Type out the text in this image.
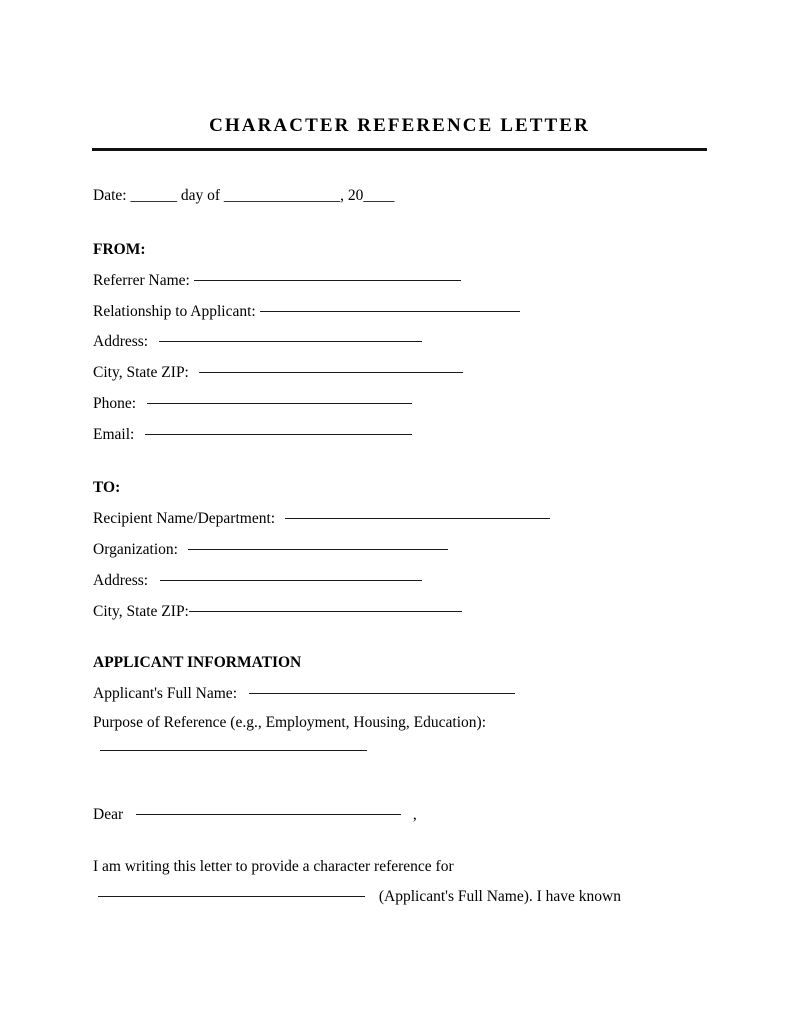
CHARACTER REFERENCE LETTER
Date: ______ day of _______________, 20____
FROM:
Referrer Name:
Relationship to Applicant:
Address:
City, State ZIP:
Phone:
Email:
TO:
Recipient Name/Department:
Organization:
Address:
City, State ZIP:
APPLICANT INFORMATION
Applicant's Full Name:
Purpose of Reference (e.g., Employment, Housing, Education):
Dear	,
I am writing this letter to provide a character reference for
(Applicant's Full Name). I have known
